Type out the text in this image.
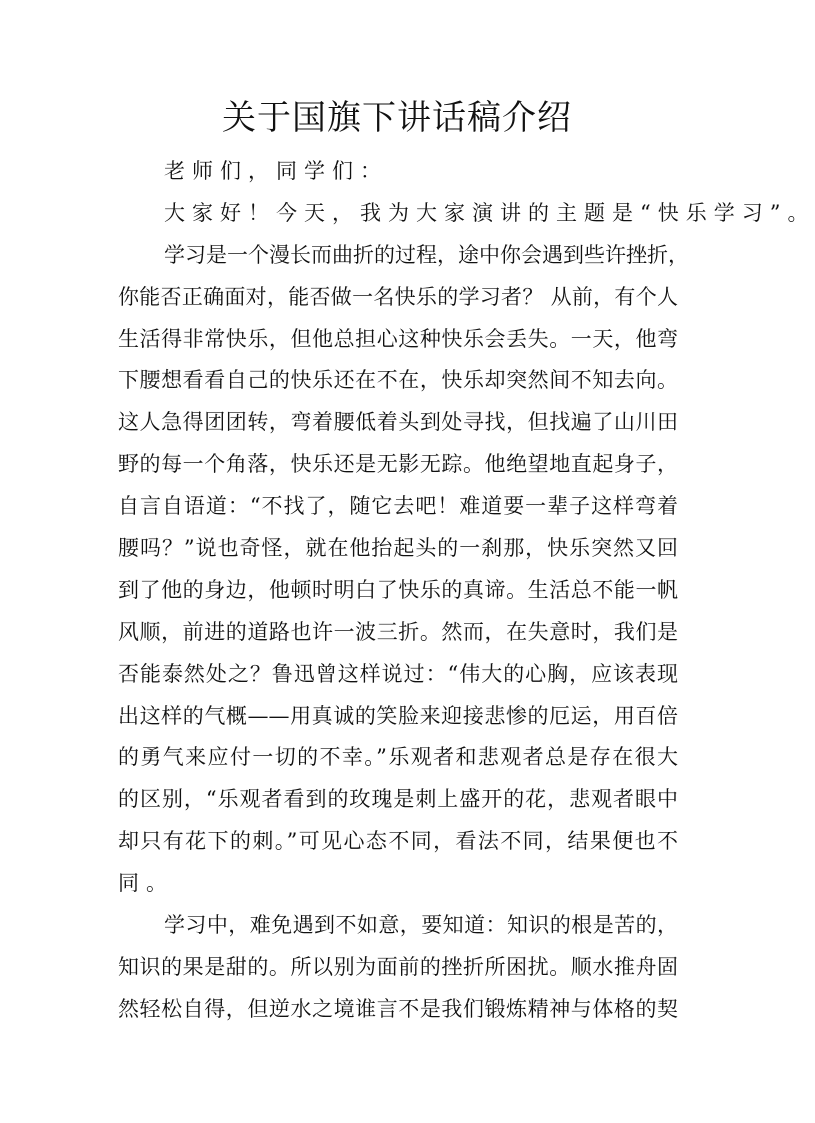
关于国旗下讲话稿介绍
老师们，同学们：
大家好！今天，我为大家演讲的主题是“快乐学习”。
学习是一个漫长而曲折的过程，途中你会遇到些许挫折，
你能否正确面对，能否做一名快乐的学习者？ 从前，有个人
生活得非常快乐，但他总担心这种快乐会丢失。一天，他弯
下腰想看看自己的快乐还在不在，快乐却突然间不知去向。
这人急得团团转，弯着腰低着头到处寻找，但找遍了山川田
野的每一个角落，快乐还是无影无踪。他绝望地直起身子，
自言自语道：“不找了，随它去吧！难道要一辈子这样弯着
腰吗？”说也奇怪，就在他抬起头的一刹那，快乐突然又回
到了他的身边，他顿时明白了快乐的真谛。生活总不能一帆
风顺，前进的道路也许一波三折。然而，在失意时，我们是
否能泰然处之？鲁迅曾这样说过：“伟大的心胸，应该表现
出这样的气概——用真诚的笑脸来迎接悲惨的厄运，用百倍
的勇气来应付一切的不幸。”乐观者和悲观者总是存在很大
的区别，“乐观者看到的玫瑰是刺上盛开的花，悲观者眼中
却只有花下的刺。”可见心态不同，看法不同，结果便也不
同。
学习中，难免遇到不如意，要知道：知识的根是苦的，
知识的果是甜的。所以别为面前的挫折所困扰。顺水推舟固
然轻松自得，但逆水之境谁言不是我们锻炼精神与体格的契
